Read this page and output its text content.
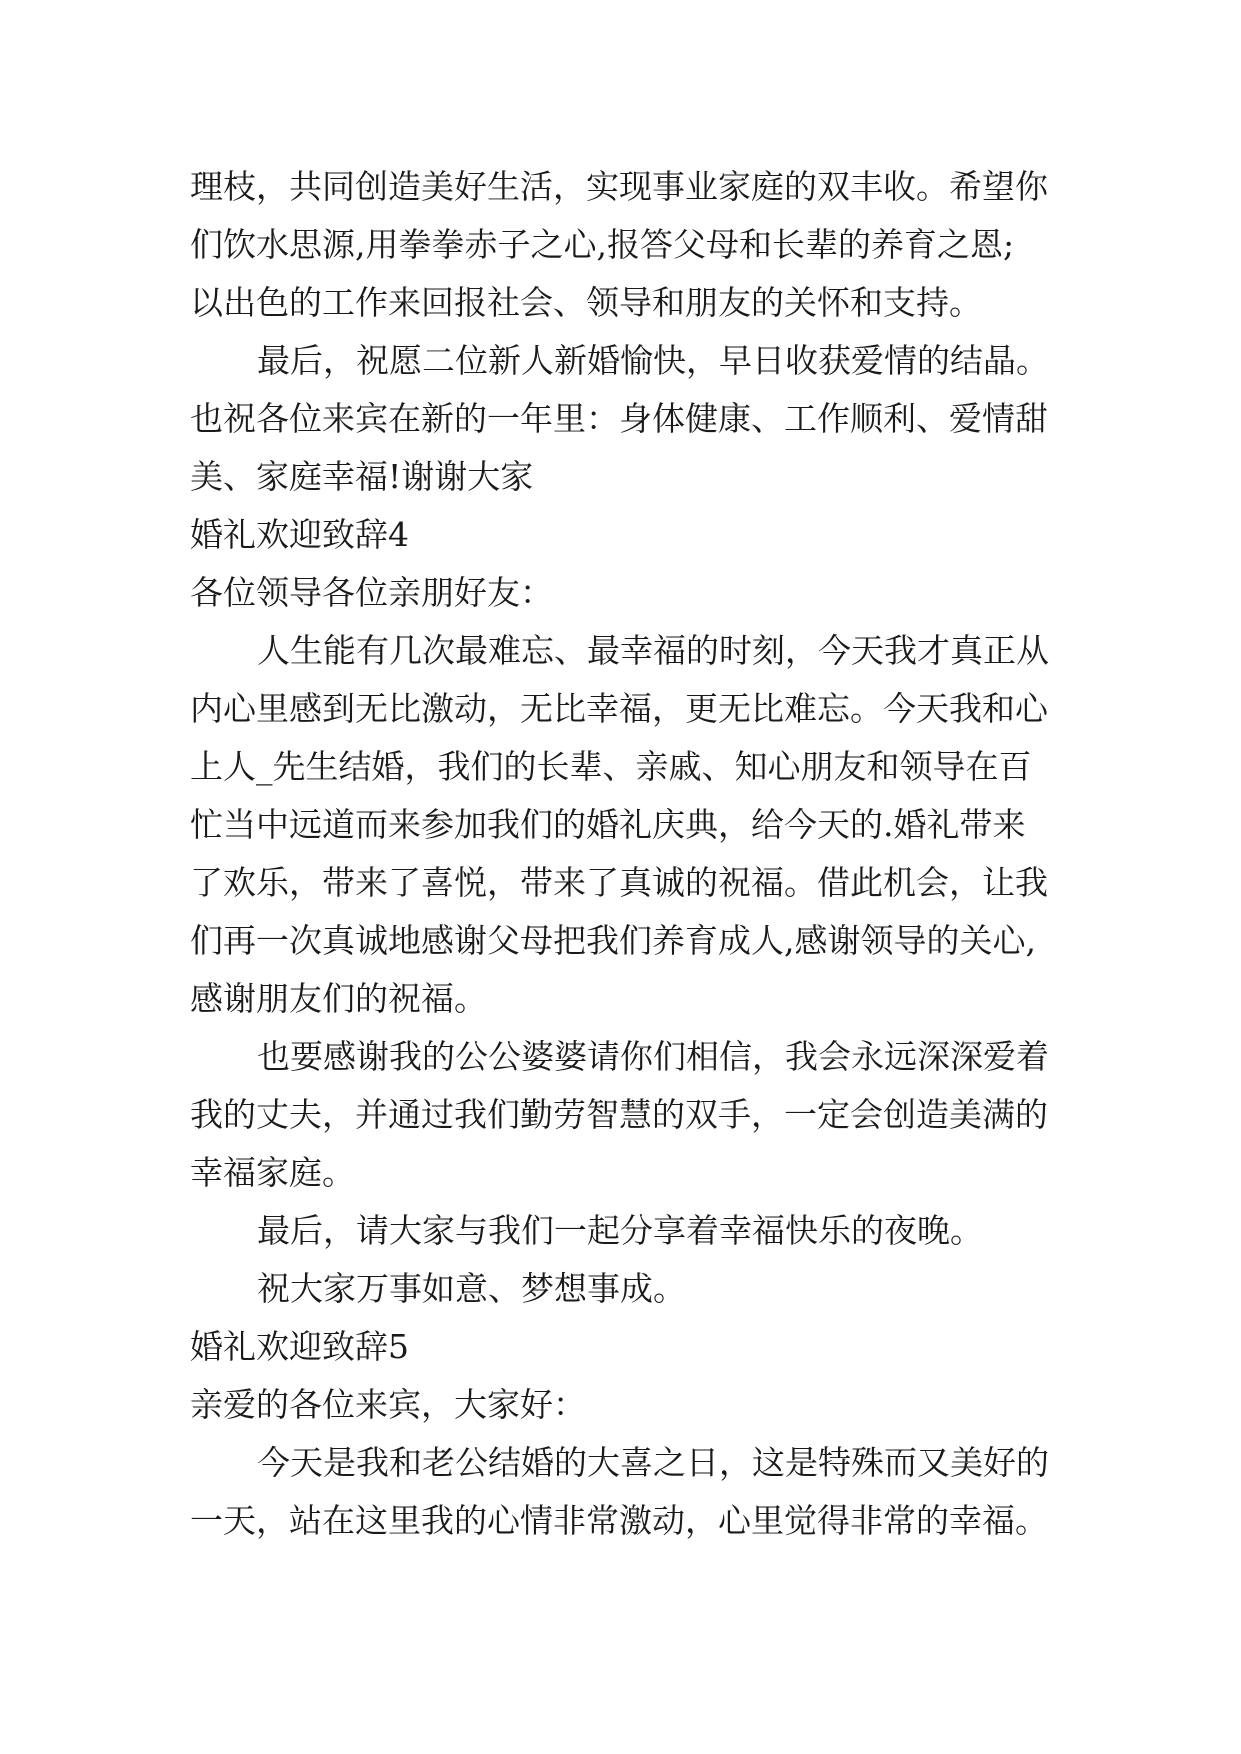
理枝，共同创造美好生活，实现事业家庭的双丰收。希望你
们饮水思源,用拳拳赤子之心,报答父母和长辈的养育之恩;
以出色的工作来回报社会、领导和朋友的关怀和支持。
最后，祝愿二位新人新婚愉快，早日收获爱情的结晶。
也祝各位来宾在新的一年里：身体健康、工作顺利、爱情甜
美、家庭幸福!谢谢大家
婚礼欢迎致辞4
各位领导各位亲朋好友：
人生能有几次最难忘、最幸福的时刻，今天我才真正从
内心里感到无比激动，无比幸福，更无比难忘。今天我和心
上人_先生结婚，我们的长辈、亲戚、知心朋友和领导在百
忙当中远道而来参加我们的婚礼庆典，给今天的.婚礼带来
了欢乐，带来了喜悦，带来了真诚的祝福。借此机会，让我
们再一次真诚地感谢父母把我们养育成人,感谢领导的关心,
感谢朋友们的祝福。
也要感谢我的公公婆婆请你们相信，我会永远深深爱着
我的丈夫，并通过我们勤劳智慧的双手，一定会创造美满的
幸福家庭。
最后，请大家与我们一起分享着幸福快乐的夜晚。
祝大家万事如意、梦想事成。
婚礼欢迎致辞5
亲爱的各位来宾，大家好：
今天是我和老公结婚的大喜之日，这是特殊而又美好的
一天，站在这里我的心情非常激动，心里觉得非常的幸福。
